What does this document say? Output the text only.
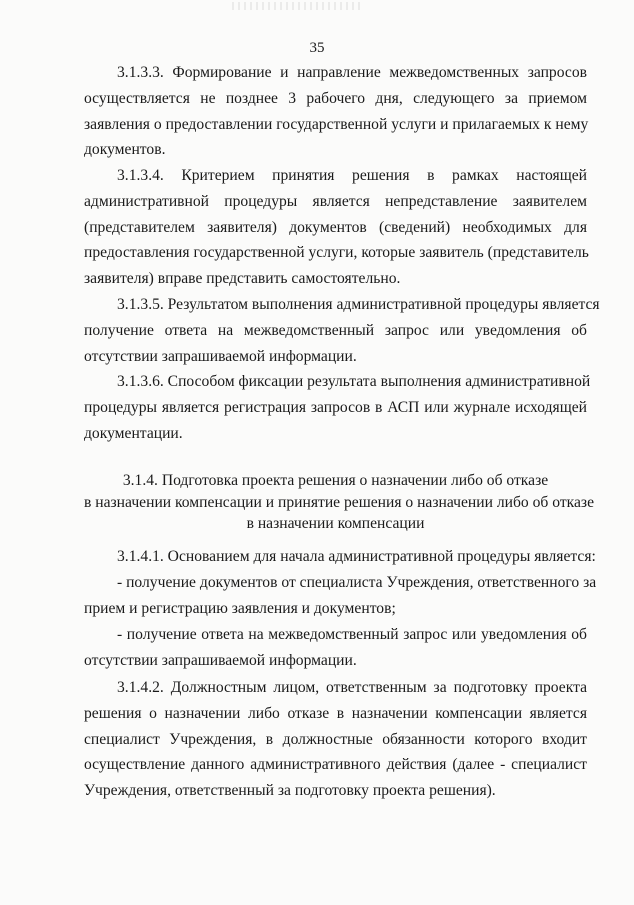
35
3.1.3.3. Формирование и направление межведомственных запросов
осуществляется не позднее 3 рабочего дня, следующего за приемом
заявления о предоставлении государственной услуги и прилагаемых к нему
документов.
3.1.3.4. Критерием принятия решения в рамках настоящей
административной процедуры является непредставление заявителем
(представителем заявителя) документов (сведений) необходимых для
предоставления государственной услуги, которые заявитель (представитель
заявителя) вправе представить самостоятельно.
3.1.3.5. Результатом выполнения административной процедуры является
получение ответа на межведомственный запрос или уведомления об
отсутствии запрашиваемой информации.
3.1.3.6. Способом фиксации результата выполнения административной
процедуры является регистрация запросов в АСП или журнале исходящей
документации.
3.1.4. Подготовка проекта решения о назначении либо об отказе
в назначении компенсации и принятие решения о назначении либо об отказе
в назначении компенсации
3.1.4.1. Основанием для начала административной процедуры является:
- получение документов от специалиста Учреждения, ответственного за
прием и регистрацию заявления и документов;
- получение ответа на межведомственный запрос или уведомления об
отсутствии запрашиваемой информации.
3.1.4.2. Должностным лицом, ответственным за подготовку проекта
решения о назначении либо отказе в назначении компенсации является
специалист Учреждения, в должностные обязанности которого входит
осуществление данного административного действия (далее - специалист
Учреждения, ответственный за подготовку проекта решения).
